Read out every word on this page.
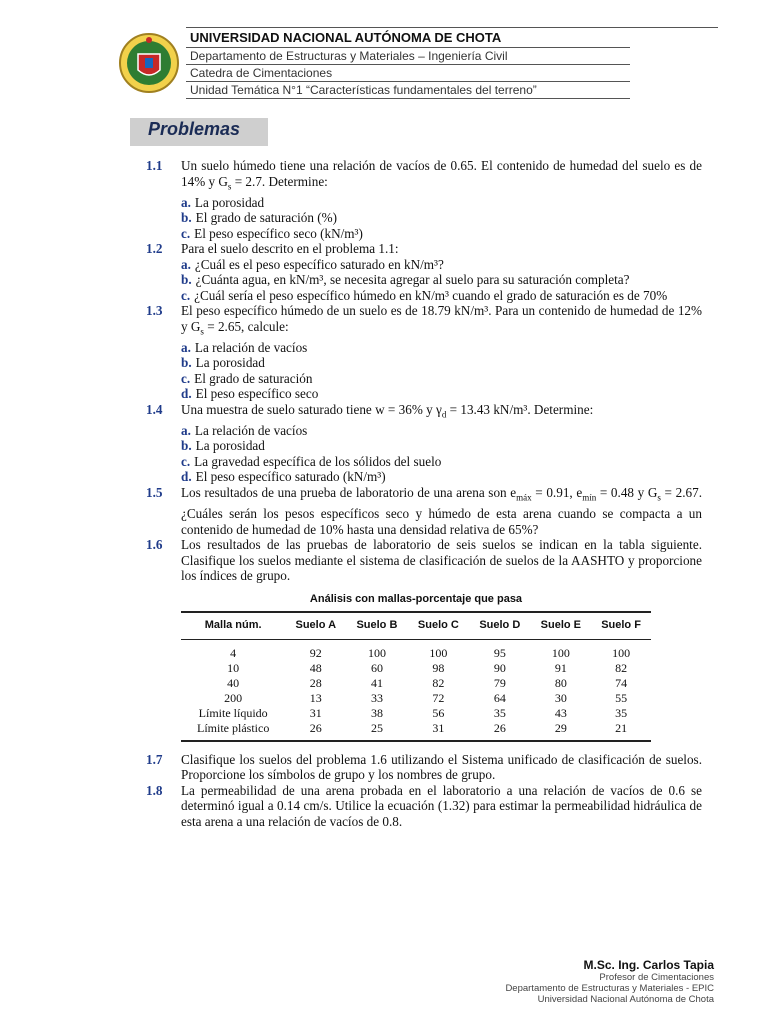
UNIVERSIDAD NACIONAL AUTÓNOMA DE CHOTA
Departamento de Estructuras y Materiales – Ingeniería Civil
Catedra de Cimentaciones
Unidad Temática N°1 “Características fundamentales del terreno”
Problemas
1.1 Un suelo húmedo tiene una relación de vacíos de 0.65. El contenido de humedad del suelo es de 14% y $G_s = 2.7$. Determine:
a. La porosidad
b. El grado de saturación (%)
c. El peso específico seco (kN/m³)
1.2 Para el suelo descrito en el problema 1.1:
a. ¿Cuál es el peso específico saturado en kN/m³?
b. ¿Cuánta agua, en kN/m³, se necesita agregar al suelo para su saturación completa?
c. ¿Cuál sería el peso específico húmedo en kN/m³ cuando el grado de saturación es de 70%
1.3 El peso específico húmedo de un suelo es de 18.79 kN/m³. Para un contenido de humedad de 12% y $G_s = 2.65$, calcule:
a. La relación de vacíos
b. La porosidad
c. El grado de saturación
d. El peso específico seco
1.4 Una muestra de suelo saturado tiene w = 36% y $\gamma_d = 13.43$ kN/m³. Determine:
a. La relación de vacíos
b. La porosidad
c. La gravedad específica de los sólidos del suelo
d. El peso específico saturado (kN/m³)
1.5 Los resultados de una prueba de laboratorio de una arena son $e_{máx} = 0.91$, $e_{mín} = 0.48$ y $G_s = 2.67$. ¿Cuáles serán los pesos específicos seco y húmedo de esta arena cuando se compacta a un contenido de humedad de 10% hasta una densidad relativa de 65%?
1.6 Los resultados de las pruebas de laboratorio de seis suelos se indican en la tabla siguiente. Clasifique los suelos mediante el sistema de clasificación de suelos de la AASHTO y proporcione los índices de grupo.
Análisis con mallas-porcentaje que pasa
Malla núm.	Suelo A	Suelo B	Suelo C	Suelo D	Suelo E	Suelo F
4	92	100	100	95	100	100
10	48	60	98	90	91	82
40	28	41	82	79	80	74
200	13	33	72	64	30	55
Límite líquido	31	38	56	35	43	35
Límite plástico	26	25	31	26	29	21
1.7 Clasifique los suelos del problema 1.6 utilizando el Sistema unificado de clasificación de suelos. Proporcione los símbolos de grupo y los nombres de grupo.
1.8 La permeabilidad de una arena probada en el laboratorio a una relación de vacíos de 0.6 se determinó igual a 0.14 cm/s. Utilice la ecuación (1.32) para estimar la permeabilidad hidráulica de esta arena a una relación de vacíos de 0.8.
M.Sc. Ing. Carlos Tapia
Profesor de Cimentaciones
Departamento de Estructuras y Materiales - EPIC
Universidad Nacional Autónoma de Chota
